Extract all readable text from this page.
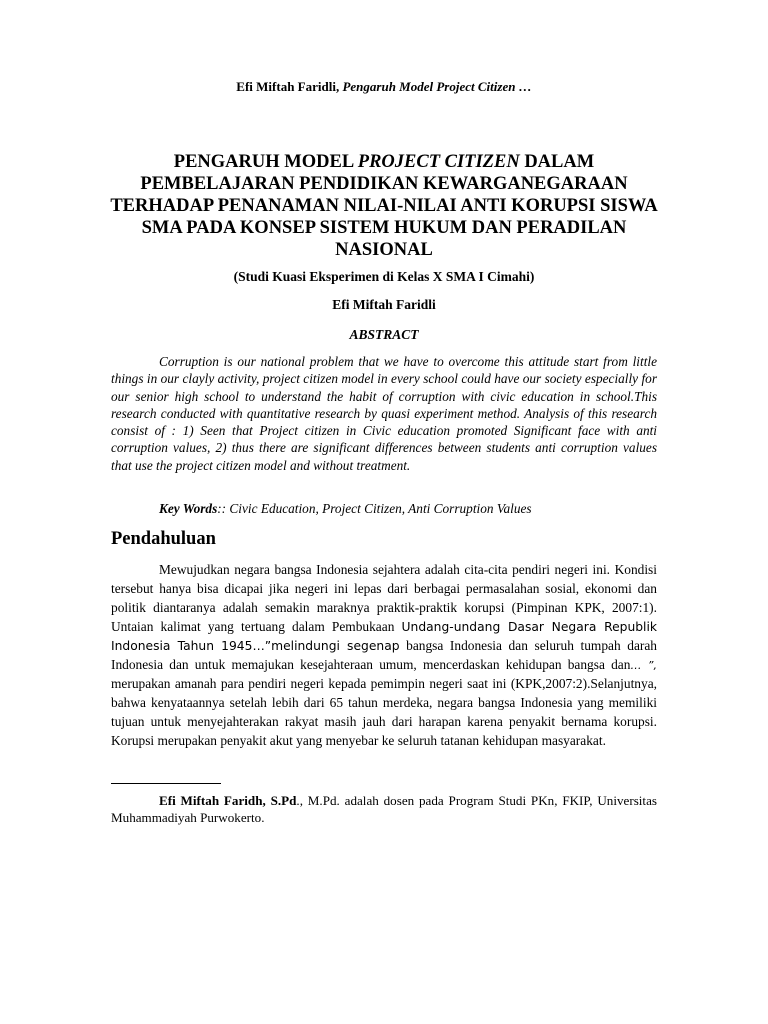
Efi Miftah Faridli, Pengaruh Model Project Citizen …
PENGARUH MODEL PROJECT CITIZEN DALAM PEMBELAJARAN PENDIDIKAN KEWARGANEGARAAN TERHADAP PENANAMAN NILAI-NILAI ANTI KORUPSI SISWA SMA PADA KONSEP SISTEM HUKUM DAN PERADILAN NASIONAL
(Studi Kuasi Eksperimen di Kelas X SMA I Cimahi)
Efi Miftah Faridli
ABSTRACT

Corruption is our national problem that we have to overcome this attitude start from little things in our clayly activity, project citizen model in every school could have our society especially for our senior high school to understand the habit of corruption with civic education in school.This research conducted with quantitative research by quasi experiment method. Analysis of this research consist of : 1) Seen that Project citizen in Civic education promoted Significant face with anti corruption values, 2) thus there are significant differences between students anti corruption values that use the project citizen model and without treatment.

Key Words:: Civic Education, Project Citizen, Anti Corruption Values
Pendahuluan

Mewujudkan negara bangsa Indonesia sejahtera adalah cita-cita pendiri negeri ini. Kondisi tersebut hanya bisa dicapai jika negeri ini lepas dari berbagai permasalahan sosial, ekonomi dan politik diantaranya adalah semakin maraknya praktik-praktik korupsi (Pimpinan KPK, 2007:1). Untaian kalimat yang tertuang dalam Pembukaan Undang-undang Dasar Negara Republik Indonesia Tahun 1945…”melindungi segenap bangsa Indonesia dan seluruh tumpah darah Indonesia dan untuk memajukan kesejahteraan umum, mencerdaskan kehidupan bangsa dan… ”, merupakan amanah para pendiri negeri kepada pemimpin negeri saat ini (KPK,2007:2).Selanjutnya, bahwa kenyataannya setelah lebih dari 65 tahun merdeka, negara bangsa Indonesia yang memiliki tujuan untuk menyejahterakan rakyat masih jauh dari harapan karena penyakit bernama korupsi. Korupsi merupakan penyakit akut yang menyebar ke seluruh tatanan kehidupan masyarakat.

Efi Miftah Faridh, S.Pd., M.Pd. adalah dosen pada Program Studi PKn, FKIP, Universitas Muhammadiyah Purwokerto.
